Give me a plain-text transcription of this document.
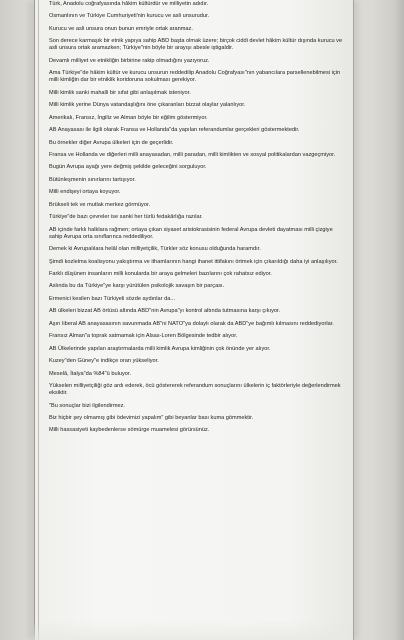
Türk, Anadolu coğrafyasında hâkim kültürdür ve milliyetin adıdır.

Osmanlının ve Türkiye Cumhuriyeti'nin kurucu ve asli unsurudur.

Kurucu ve asli unsura onun bunun emriyle ortak aranmaz.

Son derece karmaşık bir etnik yapıya sahip ABD başta olmak üzere; birçok ciddi devlet hâkim kültür dışında kurucu ve asli unsura ortak aramazken; Türkiye"nin böyle bir arayışı abesle iştigaldir.

Devamlı milliyet ve etnikliğin birbirine rakip olmadığını yazıyoruz.

Ama Türkiye"de hâkim kültür ve kurucu unsurun reddedilip Anadolu Coğrafyası"nın yabancılara parsellenebilmesi için milli kimliğin dar bir etniklik koridoruna sokulması gerekiyor.

Milli kimlik sanki mahalli bir sıfat gibi anlaşılmak isteniyor.

Milli kimlik yerine Dünya vatandaşlığını öne çıkaranları bizzat olaylar yalanlıyor.

Amerikalı, Fransız, İngiliz ve Alman böyle bir eğilim göstermiyor.

AB Anayasası ile ilgili olarak Fransa ve Hollanda"da yapılan referandumlar gerçekleri göstermektedir.

Bu örnekler diğer Avrupa ülkeleri için de geçerlidir.

Fransa ve Hollanda ve diğerleri milli anayasadan, milli paradan, milli kimlikten ve sosyal politikalardan vazgeçmiyor.

Bugün Avrupa ayağı yere değmiş şekilde geleceğini sorguluyor.

Bütünleşmenin sınırlarını tartışıyor.

Milli endişeyi ortaya koyuyor.

Brükseli tek ve mutlak merkez görmüyor.

Türkiye"de bazı çevreler ise sanki her türlü fedakârlığa razılar.

AB içinde farklı halklara rağmen; ortaya çıkan siyaset aristokrasisinin federal Avrupa devleti dayatması milli çizgiye sahip Avrupa orta sınıflarınca reddediliyor.

Demek ki Avrupalılara helâl olan milliyetçilik, Türkler söz konusu olduğunda haramdır.

Şimdi kozlelma koalisyonu yakıştırma ve ithamlarının hangi ihanet ittifakını örtmek için çıkarıldığı daha iyi anlaşılıyor.

Farklı düşünen insanların milli konularda bir araya gelmeleri bazılarını çok rahatsız ediyor.

Aslında bu da Türkiye"ye karşı yürütülen psikolojik savaşın bir parçası.

Ermenici kesilen bazı Türkiyeli sözde aydınlar da...

AB ülkeleri bizzat AB örtüsü altında ABD"nin Avrupa"yı kontrol altında tutmasına karşı çıkıyor.

Aşırı liberal AB anayasasının savunmada AB"ni NATO"ya dolaylı olarak da ABD"ye bağımlı kılmasını reddediyorlar.

Fransız Alman"a toprak satmamak için Alsas-Loren Bölgesinde tedbir alıyor.

AB Ülkelerinde yapılan araştırmalarda milli kimlik Avrupa kimliğinin çok önünde yer alıyor.

Kuzey"den Güney"e indikçe oran yükseliyor.

Meselâ, İtalya"da %84"ü buluyor.

Yükselen milliyetçiliği göz ardı ederek, öcü göstererek referandum sonuçlarını ülkelerin iç faktörleriyle değerlendirmek eksiktir.

"Bu sonuçlar bizi ilgilendirmez.

Biz hiçbir şey olmamış gibi ödevimizi yapalım" gibi beyanlar bası kuma gömmektir.

Milli hassasiyeti kaybedenlerse sömürge muamelesi görürsünüz.
